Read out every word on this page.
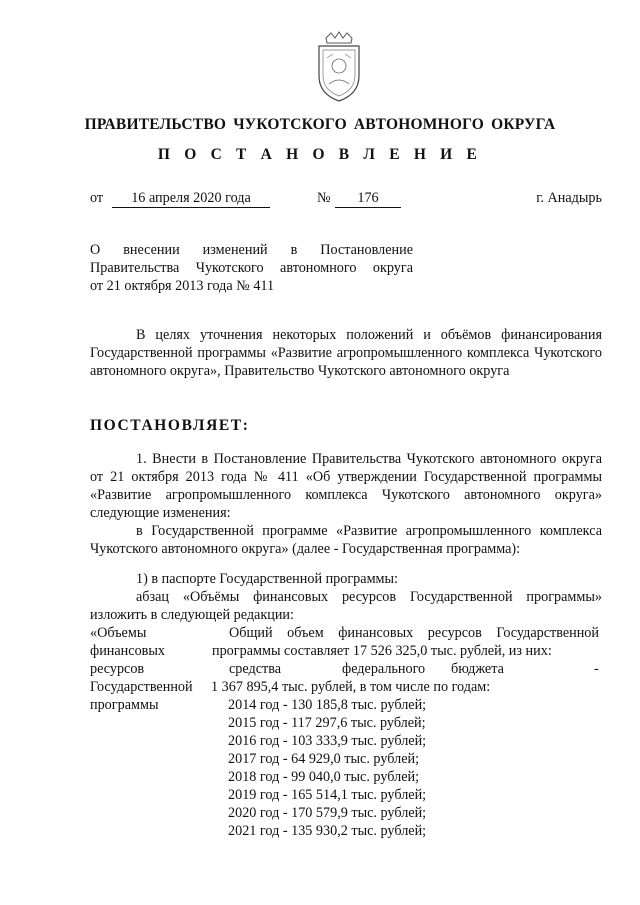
ПРАВИТЕЛЬСТВО ЧУКОТСКОГО АВТОНОМНОГО ОКРУГА
П О С Т А Н О В Л Е Н И Е
от	16 апреля 2020 года	№	176	г. Анадырь
О внесении изменений в Постановление
Правительства Чукотского автономного округа
от 21 октября 2013 года № 411
В целях уточнения некоторых положений и объёмов финансирования Государственной программы «Развитие агропромышленного комплекса Чукотского автономного округа», Правительство Чукотского автономного округа
ПОСТАНОВЛЯЕТ:
1. Внести в Постановление Правительства Чукотского автономного округа от 21 октября 2013 года № 411 «Об утверждении Государственной программы «Развитие агропромышленного комплекса Чукотского автономного округа» следующие изменения:
в Государственной программе «Развитие агропромышленного комплекса Чукотского автономного округа» (далее - Государственная программа):
1) в паспорте Государственной программы:
абзац «Объёмы финансовых ресурсов Государственной программы» изложить в следующей редакции:
«Объемы	Общий объем финансовых ресурсов Государственной
финансовых	программы составляет 17 526 325,0 тыс. рублей, из них:
ресурсов	средства	федерального бюджета	-
Государственной 1 367 895,4 тыс. рублей, в том числе по годам:
программы	2014 год - 130 185,8 тыс. рублей;
2015 год - 117 297,6 тыс. рублей;
2016 год - 103 333,9 тыс. рублей;
2017 год - 64 929,0 тыс. рублей;
2018 год - 99 040,0 тыс. рублей;
2019 год - 165 514,1 тыс. рублей;
2020 год - 170 579,9 тыс. рублей;
2021 год - 135 930,2 тыс. рублей;
